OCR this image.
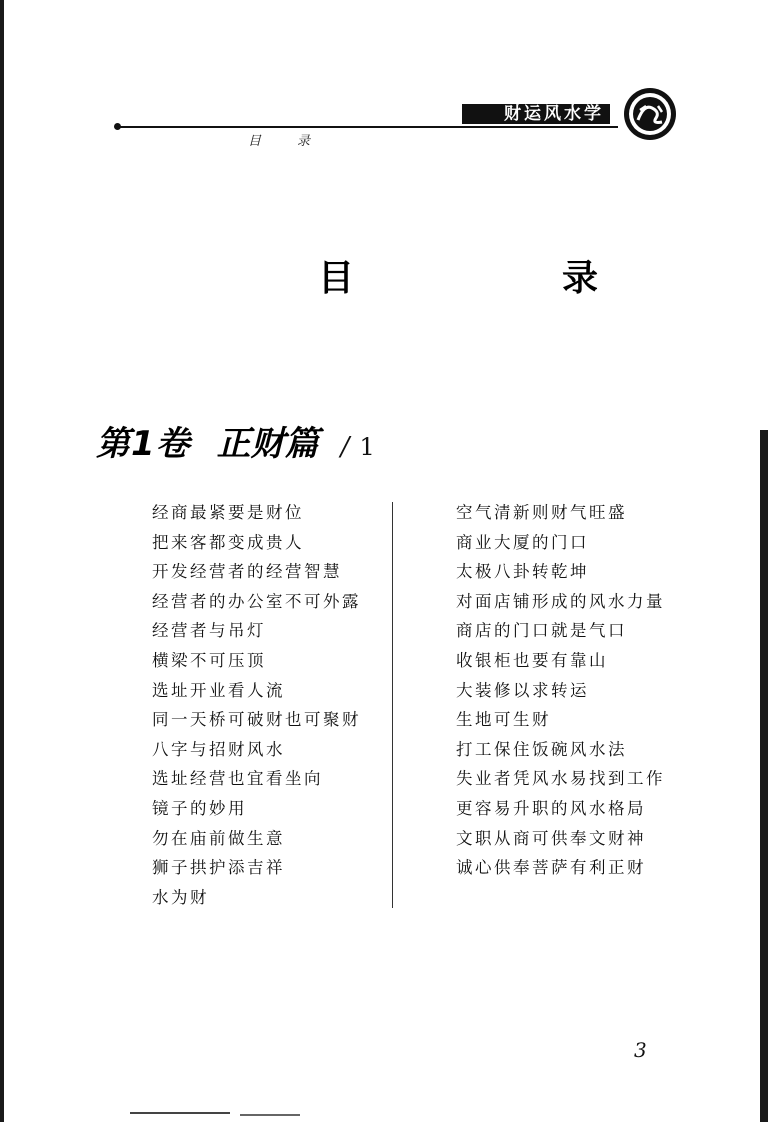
财运风水学
目录
目　录
第1卷 正财篇 / 1
经商最紧要是财位
把来客都变成贵人
开发经营者的经营智慧
经营者的办公室不可外露
经营者与吊灯
横梁不可压顶
选址开业看人流
同一天桥可破财也可聚财
八字与招财风水
选址经营也宜看坐向
镜子的妙用
勿在庙前做生意
狮子拱护添吉祥
水为财
空气清新则财气旺盛
商业大厦的门口
太极八卦转乾坤
对面店铺形成的风水力量
商店的门口就是气口
收银柜也要有靠山
大装修以求转运
生地可生财
打工保住饭碗风水法
失业者凭风水易找到工作
更容易升职的风水格局
文职从商可供奉文财神
诚心供奉菩萨有利正财
3
